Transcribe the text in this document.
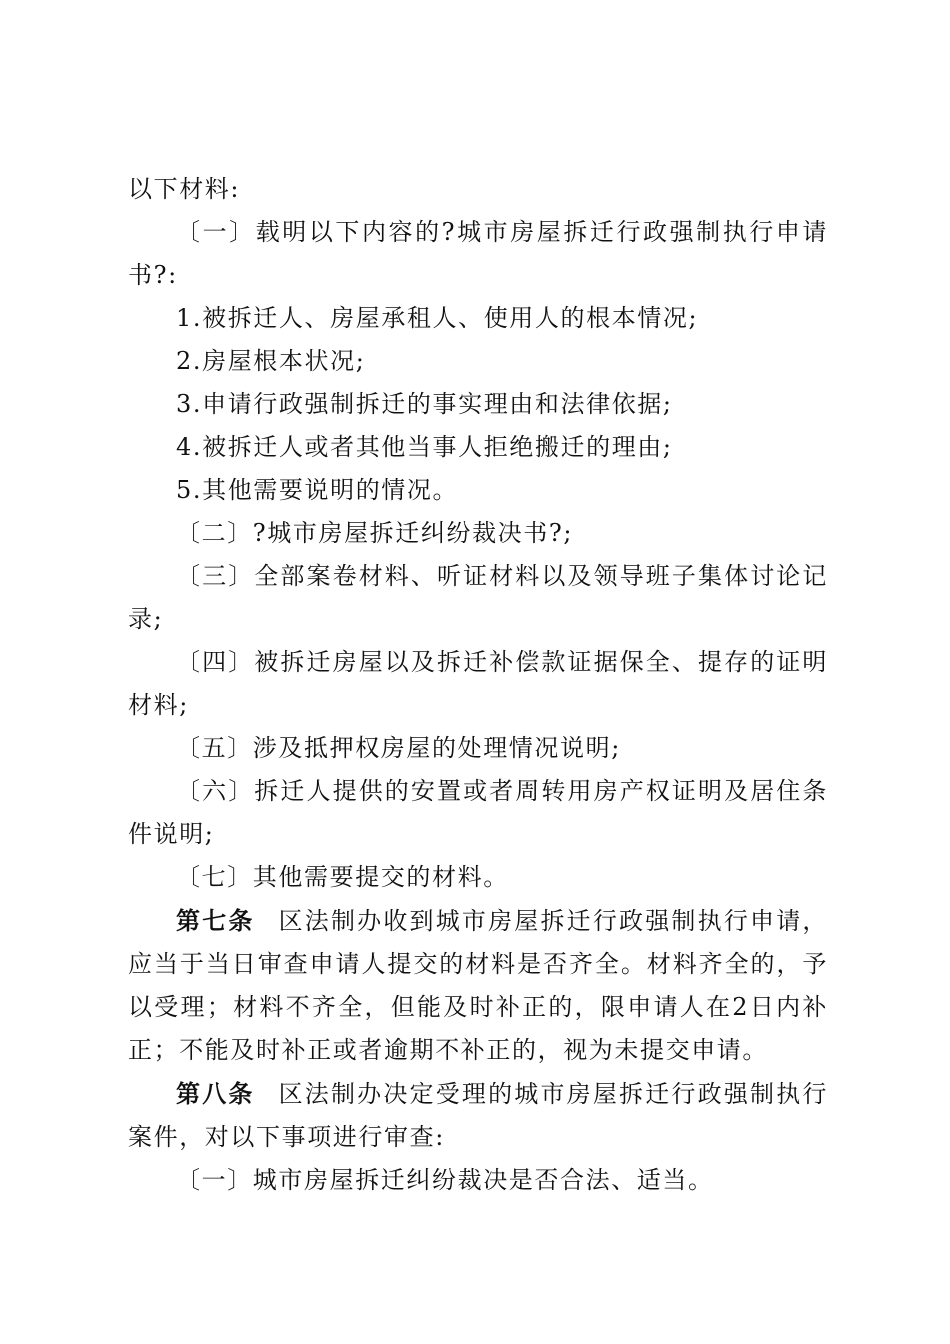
以下材料:

〔一〕载明以下内容的?城市房屋拆迁行政强制执行申请书?:

1.被拆迁人、房屋承租人、使用人的根本情况;

2.房屋根本状况;

3.申请行政强制拆迁的事实理由和法律依据;

4.被拆迁人或者其他当事人拒绝搬迁的理由;

5.其他需要说明的情况。

〔二〕?城市房屋拆迁纠纷裁决书?;

〔三〕全部案卷材料、听证材料以及领导班子集体讨论记录;

〔四〕被拆迁房屋以及拆迁补偿款证据保全、提存的证明材料;

〔五〕涉及抵押权房屋的处理情况说明;

〔六〕拆迁人提供的安置或者周转用房产权证明及居住条件说明;

〔七〕其他需要提交的材料。

第七条 区法制办收到城市房屋拆迁行政强制执行申请，应当于当日审查申请人提交的材料是否齐全。材料齐全的，予以受理；材料不齐全，但能及时补正的，限申请人在2日内补正；不能及时补正或者逾期不补正的，视为未提交申请。

第八条 区法制办决定受理的城市房屋拆迁行政强制执行案件，对以下事项进行审查:

〔一〕城市房屋拆迁纠纷裁决是否合法、适当。
